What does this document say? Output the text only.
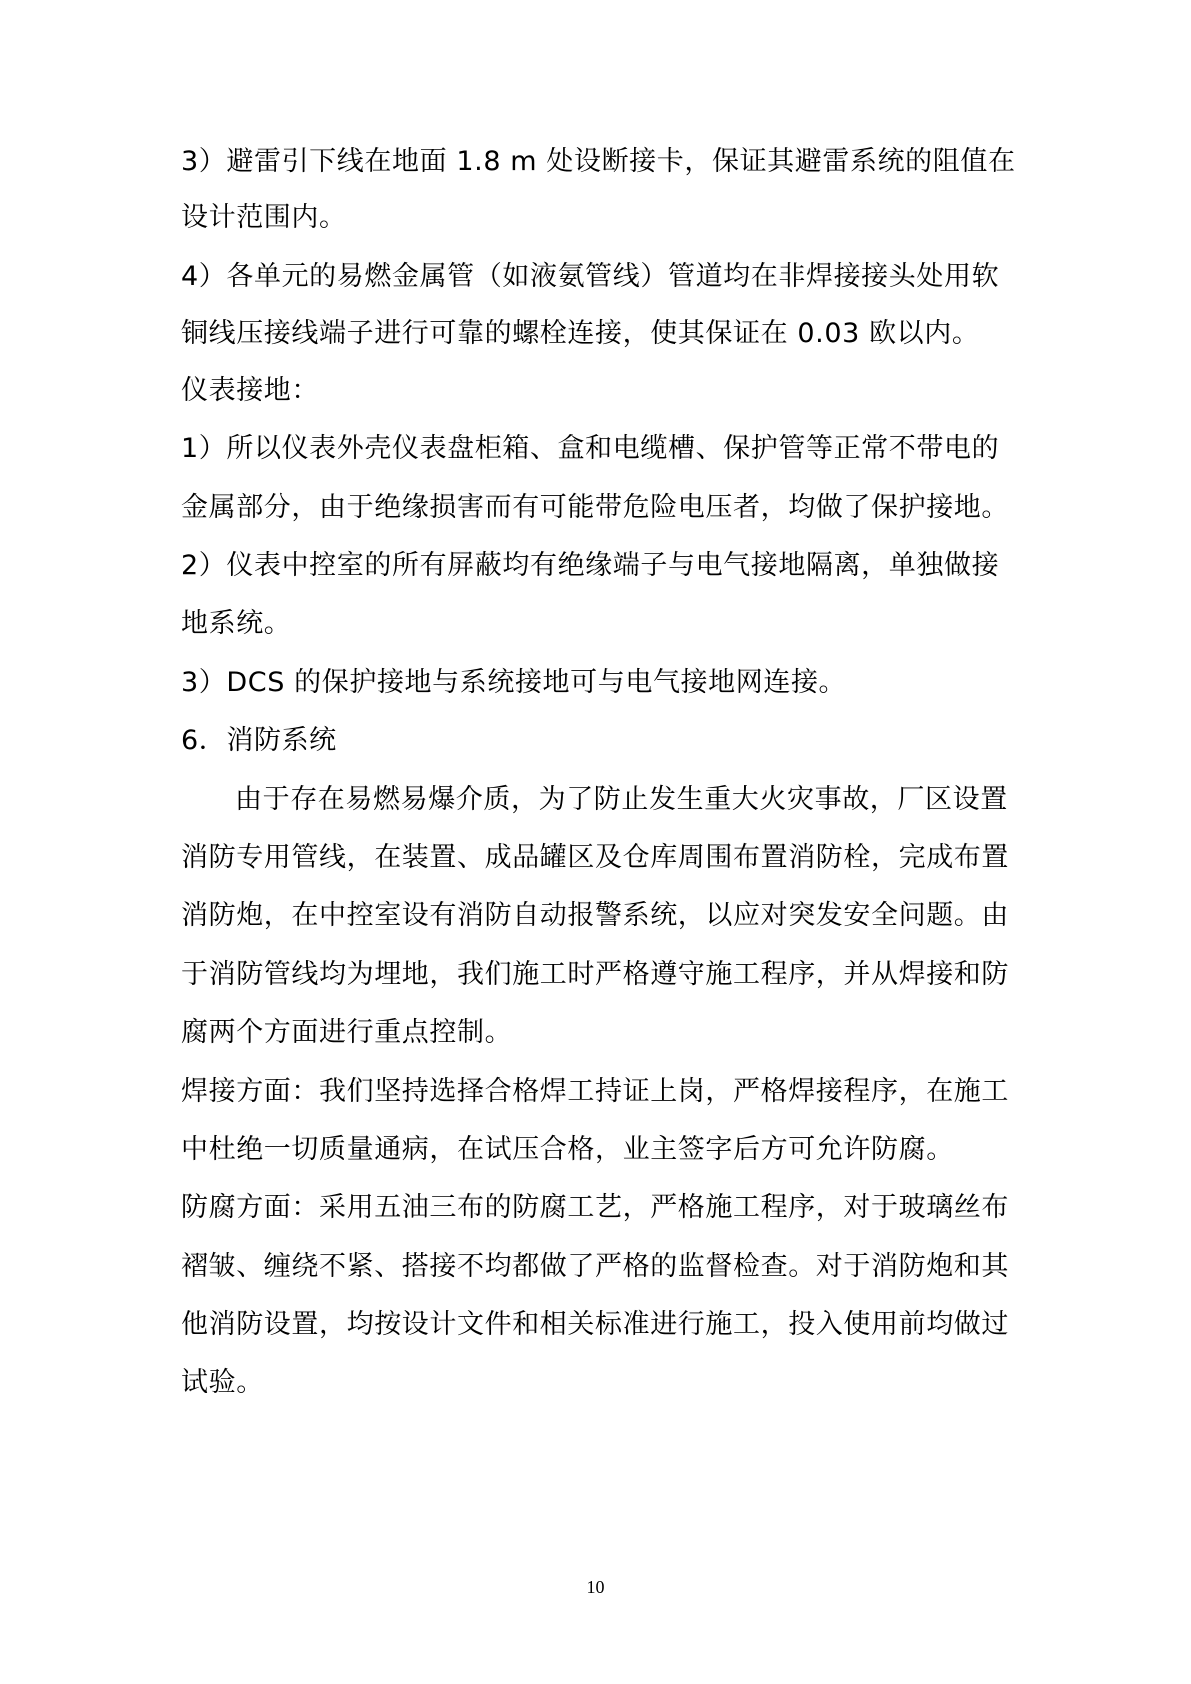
3）避雷引下线在地面 1.8 m 处设断接卡，保证其避雷系统的阻值在
设计范围内。
4）各单元的易燃金属管（如液氨管线）管道均在非焊接接头处用软
铜线压接线端子进行可靠的螺栓连接，使其保证在 0.03 欧以内。
仪表接地：
1）所以仪表外壳仪表盘柜箱、盒和电缆槽、保护管等正常不带电的
金属部分，由于绝缘损害而有可能带危险电压者，均做了保护接地。
2）仪表中控室的所有屏蔽均有绝缘端子与电气接地隔离，单独做接
地系统。
3）DCS 的保护接地与系统接地可与电气接地网连接。
6．消防系统
由于存在易燃易爆介质，为了防止发生重大火灾事故，厂区设置
消防专用管线，在装置、成品罐区及仓库周围布置消防栓，完成布置
消防炮，在中控室设有消防自动报警系统，以应对突发安全问题。由
于消防管线均为埋地，我们施工时严格遵守施工程序，并从焊接和防
腐两个方面进行重点控制。
焊接方面：我们坚持选择合格焊工持证上岗，严格焊接程序，在施工
中杜绝一切质量通病，在试压合格，业主签字后方可允许防腐。
防腐方面：采用五油三布的防腐工艺，严格施工程序，对于玻璃丝布
褶皱、缠绕不紧、搭接不均都做了严格的监督检查。对于消防炮和其
他消防设置，均按设计文件和相关标准进行施工，投入使用前均做过
试验。
10
